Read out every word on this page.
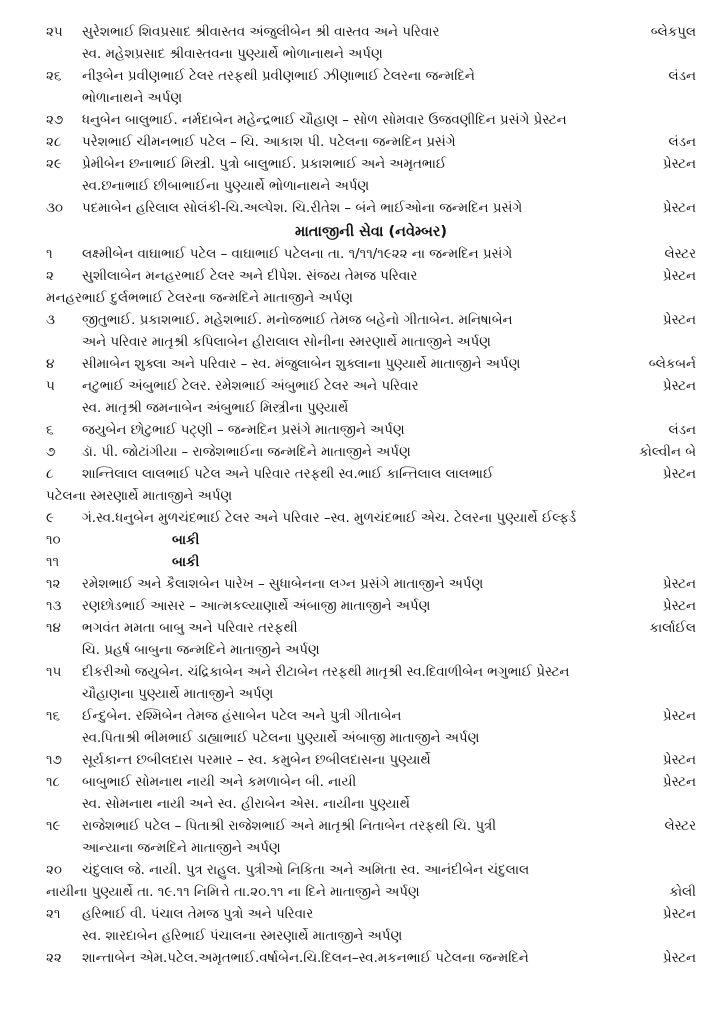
૨૫	સુરેશભાઈ શિવપ્રસાદ શ્રીવાસ્તવ અંજુલીબેન શ્રી વાસ્તવ અને પરિવાર	બ્લેકપુલ
સ્વ. મહેશપ્રસાદ શ્રીવાસ્તવના પુણ્યાર્થે ભોળાનાથને અર્પણ
૨૬	નીરૂબેન પ્રવીણભાઈ ટેલર તરફથી પ્રવીણભાઈ ઝીણાભાઈ ટેલરના જન્મદિને	લંડન
ભોળાનાથને અર્પણ
૨૭	ધનુબેન બાલુભાઈ. નર્મદાબેન મહેન્દ્રભાઈ ચૌહાણ – સોળ સોમવાર ઉજવણીદિન પ્રસંગે પ્રેસ્ટન
૨૮	પરેશભાઈ ચીમનભાઈ પટેલ – ચિ. આકાશ પી. પટેલના જન્મદિન પ્રસંગે	લંડન
૨૯	પ્રેમીબેન છનાભાઈ મિસ્ત્રી. પુત્રો બાલુભાઈ. પ્રકાશભાઈ અને અમૃતભાઈ	પ્રેસ્ટન
સ્વ.છનાભાઈ છીબાભાઈના પુણ્યાર્થે ભોળાનાથને અર્પણ
૩૦	પદમાબેન હરિલાલ સોલંકી-ચિ.અલ્પેશ. ચિ.રીતેશ – બંને ભાઈઓના જન્મદિન પ્રસંગે	પ્રેસ્ટન
માતાજીની સેવા (નવેમ્બર)
૧	લક્ષ્મીબેન વાઘાભાઈ પટેલ – વાઘાભાઈ પટેલના તા. ૧/૧૧/૧૯૨૨ ના જન્મદિન પ્રસંગે	લેસ્ટર
૨	સુશીલાબેન મનહરભાઈ ટેલર અને દીપેશ. સંજય તેમજ પરિવાર	પ્રેસ્ટન
મનહરભાઈ દુર્લભભાઈ ટેલરના જન્મદિને માતાજીને અર્પણ
૩	જીતુભાઈ. પ્રકાશભાઈ. મહેશભાઈ. મનોજભાઈ તેમજ બહેનો ગીતાબેન. મનિષાબેન	પ્રેસ્ટન
અને પરિવાર માતૃશ્રી કપિલાબેન હીરાલાલ સોનીના સ્મરણાર્થે માતાજીને અર્પણ
૪	સીમાબેન શુક્લા અને પરિવાર – સ્વ. મંજુલાબેન શુક્લાના પુણ્યાર્થે માતાજીને અર્પણ	બ્લેકબર્ન
૫	નટુભાઈ અંબુભાઈ ટેલર. રમેશભાઈ અંબુભાઈ ટેલર અને પરિવાર	પ્રેસ્ટન
સ્વ. માતૃશ્રી જમનાબેન અંબુભાઈ મિસ્ત્રીના પુણ્યાર્થે
૬	જયુબેન છોટુભાઈ પટ્ણી – જન્મદિન પ્રસંગે માતાજીને અર્પણ	લંડન
૭	ડૉ. પી. જોટાંગીયા – રાજેશભાઈના જન્મદિને માતાજીને અર્પણ	કોલ્વીન બે
૮	શાન્તિલાલ લાલભાઈ પટેલ અને પરિવાર તરફથી સ્વ.ભાઈ કાન્તિલાલ લાલભાઈ	પ્રેસ્ટન
પટેલના સ્મરણાર્થે માતાજીને અર્પણ
૯	ગં.સ્વ.ધનુબેન મુળચંદભાઈ ટેલર અને પરિવાર –સ્વ. મુળચંદભાઈ એચ. ટેલરના પુણ્યાર્થે ઈલ્ફર્ડ
૧૦	બાકી
૧૧	બાકી
૧૨	રમેશભાઈ અને કૈલાશબેન પારેખ – સુધાબેનના લગ્ન પ્રસંગે માતાજીને અર્પણ	પ્રેસ્ટન
૧૩	રણછોડભાઈ આસર – આત્મકલ્યાણાર્થે અંબાજી માતાજીને અર્પણ	પ્રેસ્ટન
૧૪	ભગવંત મમતા બાબુ અને પરિવાર તરફથી	કાર્લાઈલ
ચિ. પ્રહર્ષ બાબુના જન્મદિને માતાજીને અર્પણ
૧૫	દીકરીઓ જયુબેન. ચંદ્રિકાબેન અને રીટાબેન તરફથી માતૃશ્રી સ્વ.દિવાળીબેન ભગુભાઈ પ્રેસ્ટન
ચૌહાણના પુણ્યાર્થે માતાજીને અર્પણ
૧૬	ઈન્દુબેન. રશ્મિબેન તેમજ હંસાબેન પટેલ અને પુત્રી ગીતાબેન	પ્રેસ્ટન
સ્વ.પિતાશ્રી ભીમભાઈ ડાહ્યાભાઈ પટેલના પુણ્યાર્થે અંબાજી માતાજીને અર્પણ
૧૭	સૂર્યકાન્ત છબીલદાસ પરમાર – સ્વ. કમુબેન છબીલદાસના પુણ્યાર્થે	પ્રેસ્ટન
૧૮	બાબુભાઈ સોમનાથ નાયી અને કમળાબેન બી. નાયી	પ્રેસ્ટન
સ્વ. સોમનાથ નાયી અને સ્વ. હીરાબેન એસ. નાયીના પુણ્યાર્થે
૧૯	રાજેશભાઈ પટેલ – પિતાશ્રી રાજેશભાઈ અને માતૃશ્રી નિતાબેન તરફથી ચિ. પુત્રી	લેસ્ટર
આન્યાના જન્મદિને માતાજીને અર્પણ
૨૦	ચંદુલાલ જે. નાયી. પુત્ર રાહુલ. પુત્રીઓ નિકિતા અને અમિતા સ્વ. આનંદીબેન ચંદુલાલ
નાયીના પુણ્યાર્થે તા. ૧૯.૧૧ નિમિત્તે તા.૨૦.૧૧ ના દિને માતાજીને અર્પણ	કોલી
૨૧	હરિભાઈ વી. પંચાલ તેમજ પુત્રો અને પરિવાર	પ્રેસ્ટન
સ્વ. શારદાબેન હરિભાઈ પંચાલના સ્મરણાર્થે માતાજીને અર્પણ
૨૨	શાન્તાબેન એમ.પટેલ.અમૃતભાઈ.વર્ષાબેન.ચિ.દિલન–સ્વ.મકનભાઈ પટેલના જન્મદિને	પ્રેસ્ટન
